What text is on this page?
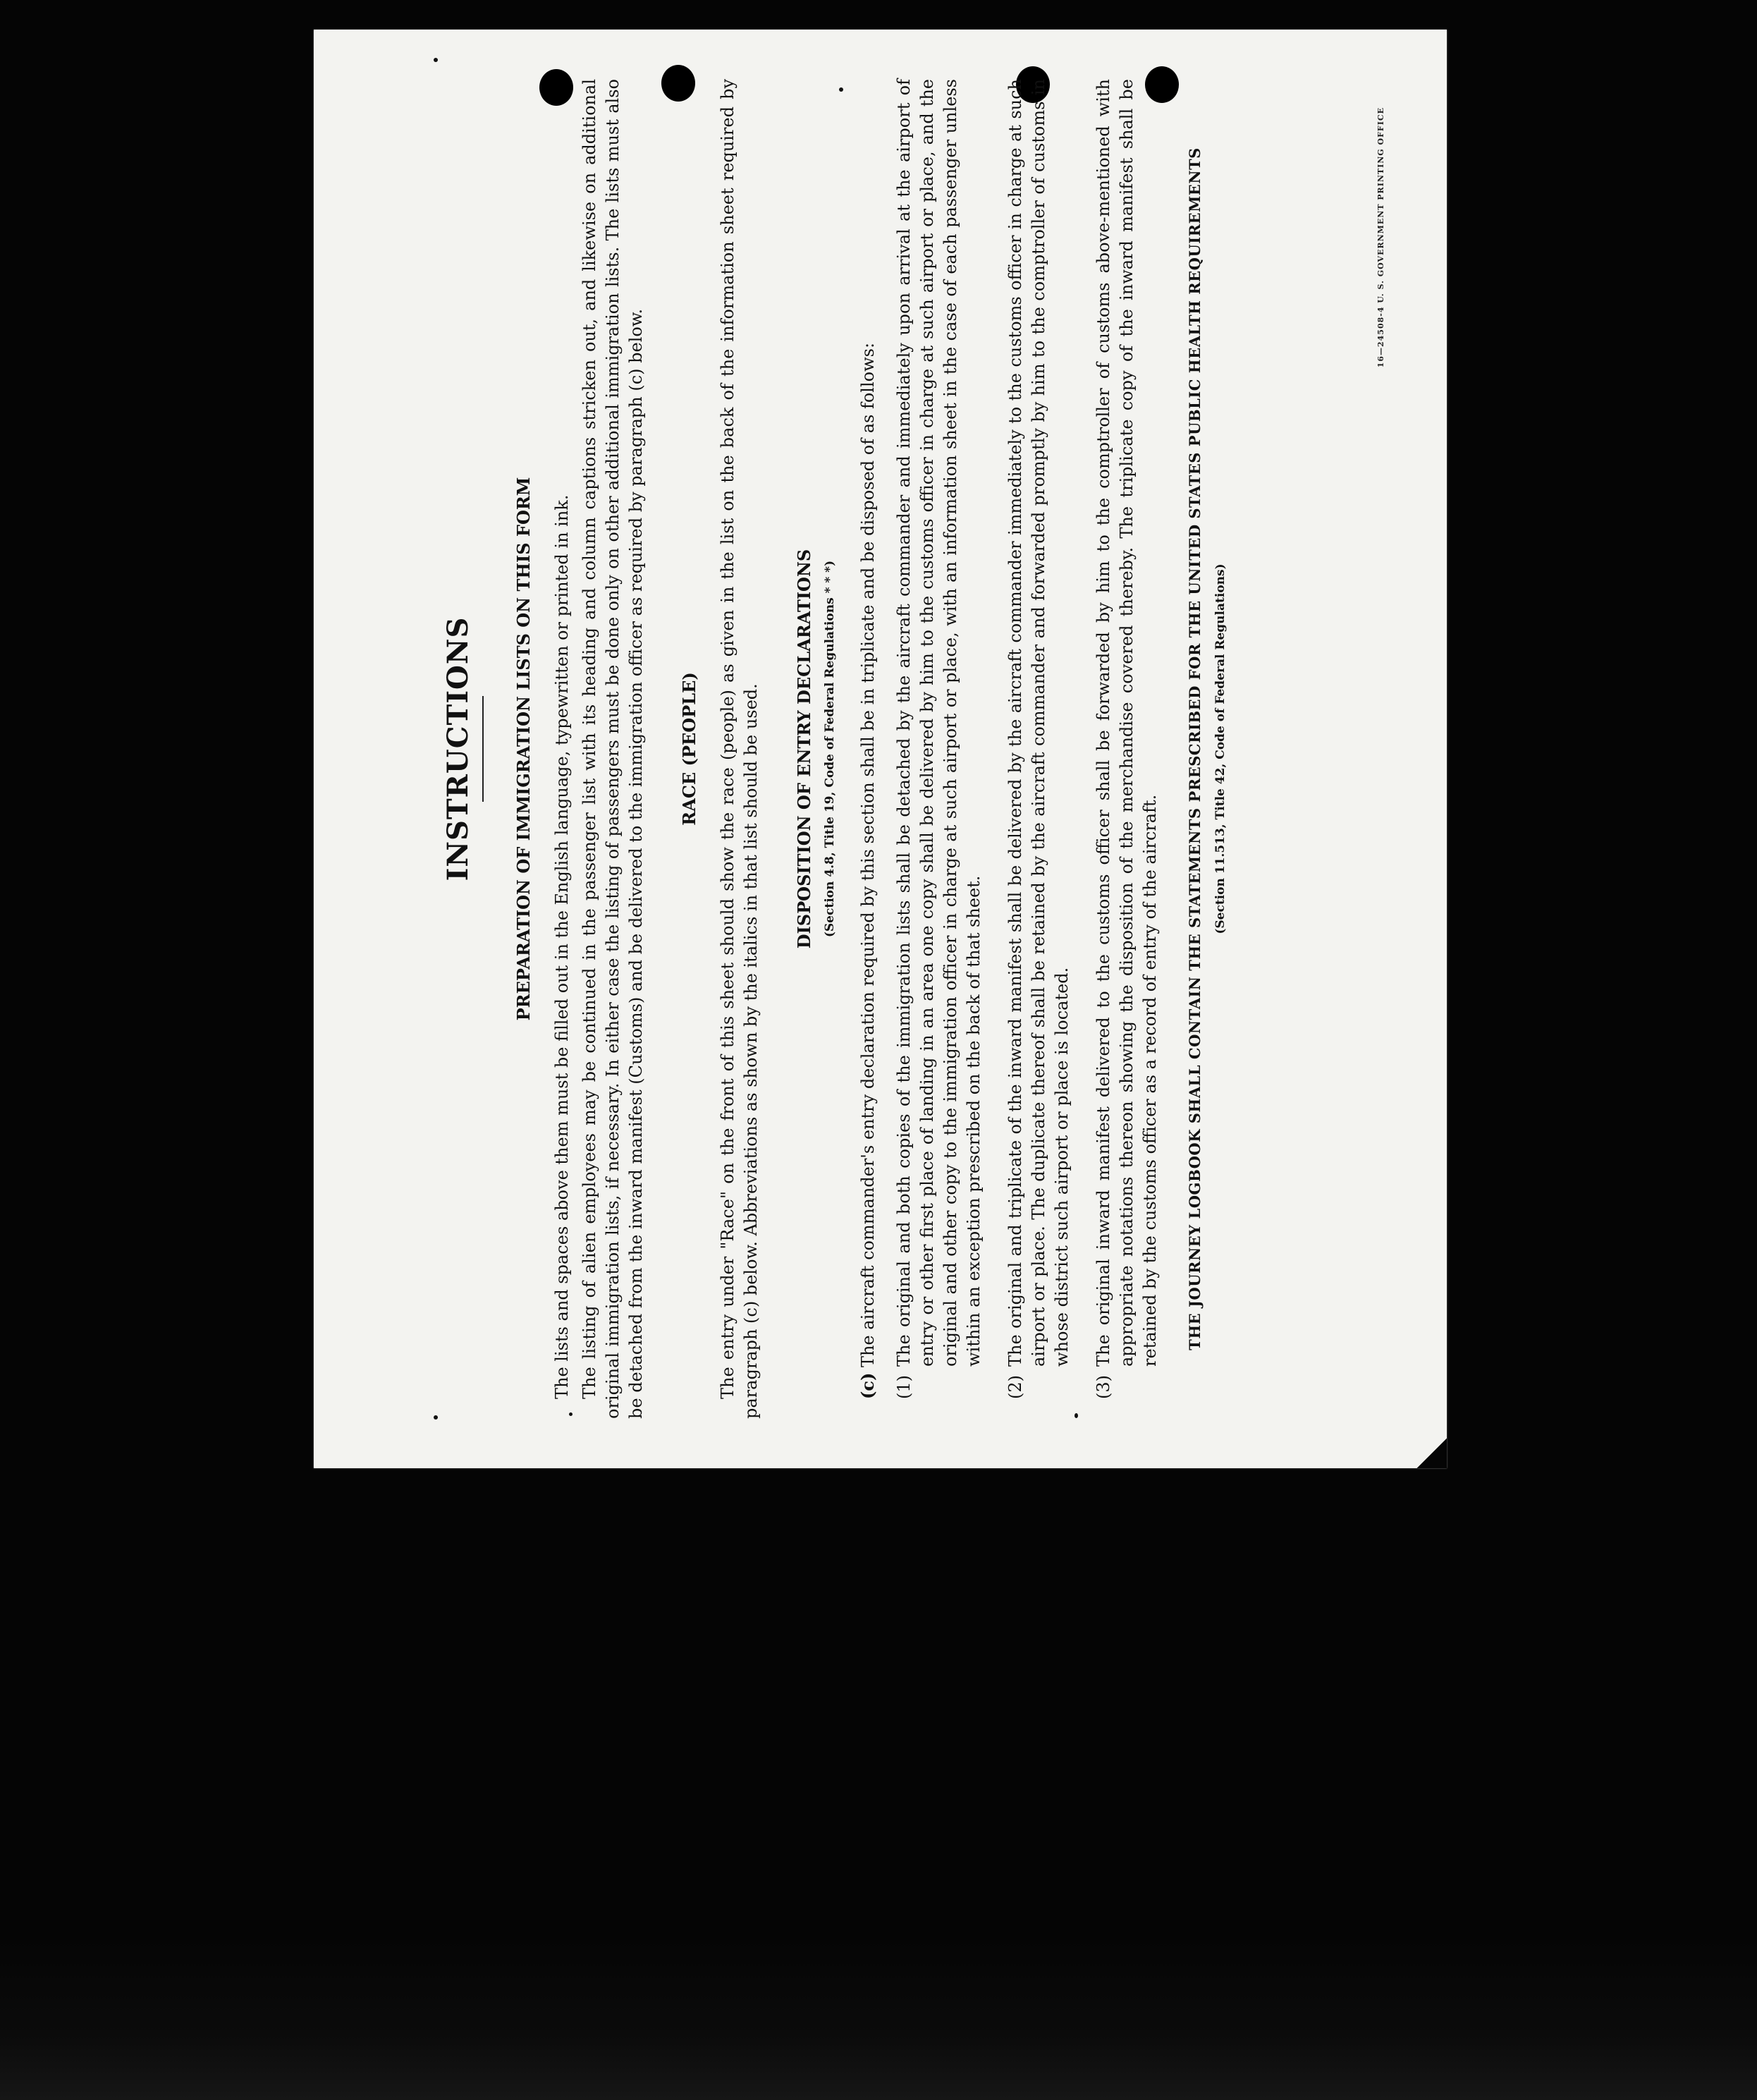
INSTRUCTIONS PREPARATION OF IMMIGRATION LISTS ON THIS FORM The lists and spaces above them must be filled out in the English language, typewritten or printed in ink. The listing of alien employees may be continued in the passenger list with its heading and column captions stricken out, and likewise on additional original immigration lists, if necessary. In either case the listing of passengers must be done only on other additional immigration lists. The lists must also be detached from the inward manifest (Customs) and be delivered to the immigration officer as required by paragraph (c) below. RACE (PEOPLE) The entry under "Race" on the front of this sheet should show the race (people) as given in the list on the back of the information sheet required by paragraph (c) below. Abbreviations as shown by the italics in that list should be used. DISPOSITION OF ENTRY DECLARATIONS (Section 4.8, Title 19, Code of Federal Regulations * * *)
(c) The aircraft commander's entry declaration required by this section shall be in triplicate and be disposed of as follows:
(1)
The original and both copies of the immigration lists shall be detached by the aircraft commander and immediately upon arrival at the airport of entry or other first place of landing in an area one copy shall be delivered by him to the customs officer in charge at such airport or place, and the original and other copy to the immigration officer in charge at such airport or place, with an information sheet in the case of each passenger unless within an exception prescribed on the back of that sheet.
(2)
The original and triplicate of the inward manifest shall be delivered by the aircraft commander immediately to the customs officer in charge at such airport or place. The duplicate thereof shall be retained by the aircraft commander and forwarded promptly by him to the comptroller of customs in whose district such airport or place is located.
(3)
The original inward manifest delivered to the customs officer shall be forwarded by him to the comptroller of customs above-mentioned with appropriate notations thereon showing the disposition of the merchandise covered thereby. The triplicate copy of the inward manifest shall be retained by the customs officer as a record of entry of the aircraft. THE JOURNEY LOGBOOK SHALL CONTAIN THE STATEMENTS PRESCRIBED FOR THE UNITED STATES PUBLIC HEALTH REQUIREMENTS (Section 11.513, Title 42, Code of Federal Regulations)
16—24508-4 U. S. GOVERNMENT PRINTING OFFICE
